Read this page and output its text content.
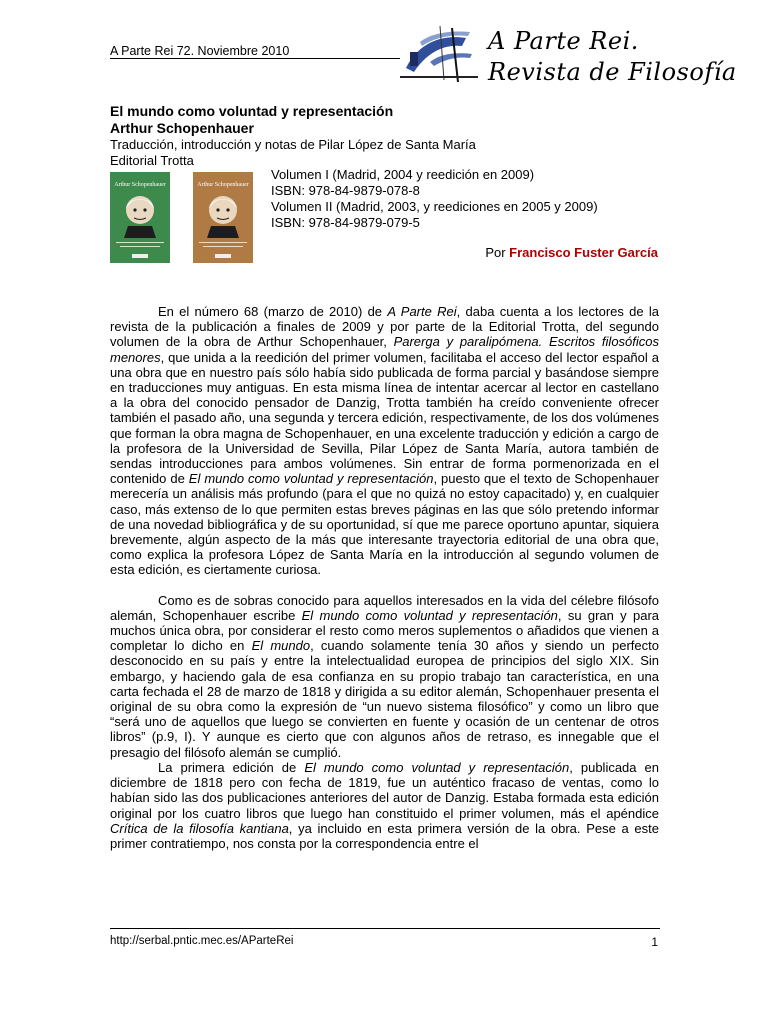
A Parte Rei 72. Noviembre 2010	A Parte Rei.
Revista de Filosofía
El mundo como voluntad y representación
Arthur Schopenhauer
Traducción, introducción y notas de Pilar López de Santa María
Editorial Trotta
Arthur Schopenhauer	Arthur Schopenhauer
Volumen I (Madrid, 2004 y reedición en 2009)
ISBN: 978-84-9879-078-8
Volumen II (Madrid, 2003, y reediciones en 2005 y 2009)
ISBN: 978-84-9879-079-5
Por Francisco Fuster García

En el número 68 (marzo de 2010) de A Parte Rei, daba cuenta a los lectores de la revista de la publicación a finales de 2009 y por parte de la Editorial Trotta, del segundo volumen de la obra de Arthur Schopenhauer, Parerga y paralipómena. Escritos filosóficos menores, que unida a la reedición del primer volumen, facilitaba el acceso del lector español a una obra que en nuestro país sólo había sido publicada de forma parcial y basándose siempre en traducciones muy antiguas. En esta misma línea de intentar acercar al lector en castellano a la obra del conocido pensador de Danzig, Trotta también ha creído conveniente ofrecer también el pasado año, una segunda y tercera edición, respectivamente, de los dos volúmenes que forman la obra magna de Schopenhauer, en una excelente traducción y edición a cargo de la profesora de la Universidad de Sevilla, Pilar López de Santa María, autora también de sendas introducciones para ambos volúmenes. Sin entrar de forma pormenorizada en el contenido de El mundo como voluntad y representación, puesto que el texto de Schopenhauer merecería un análisis más profundo (para el que no quizá no estoy capacitado) y, en cualquier caso, más extenso de lo que permiten estas breves páginas en las que sólo pretendo informar de una novedad bibliográfica y de su oportunidad, sí que me parece oportuno apuntar, siquiera brevemente, algún aspecto de la más que interesante trayectoria editorial de una obra que, como explica la profesora López de Santa María en la introducción al segundo volumen de esta edición, es ciertamente curiosa.

Como es de sobras conocido para aquellos interesados en la vida del célebre filósofo alemán, Schopenhauer escribe El mundo como voluntad y representación, su gran y para muchos única obra, por considerar el resto como meros suplementos o añadidos que vienen a completar lo dicho en El mundo, cuando solamente tenía 30 años y siendo un perfecto desconocido en su país y entre la intelectualidad europea de principios del siglo XIX. Sin embargo, y haciendo gala de esa confianza en su propio trabajo tan característica, en una carta fechada el 28 de marzo de 1818 y dirigida a su editor alemán, Schopenhauer presenta el original de su obra como la expresión de “un nuevo sistema filosófico” y como un libro que “será uno de aquellos que luego se convierten en fuente y ocasión de un centenar de otros libros” (p.9, I). Y aunque es cierto que con algunos años de retraso, es innegable que el presagio del filósofo alemán se cumplió.

La primera edición de El mundo como voluntad y representación, publicada en diciembre de 1818 pero con fecha de 1819, fue un auténtico fracaso de ventas, como lo habían sido las dos publicaciones anteriores del autor de Danzig. Estaba formada esta edición original por los cuatro libros que luego han constituido el primer volumen, más el apéndice Crítica de la filosofía kantiana, ya incluido en esta primera versión de la obra. Pese a este primer contratiempo, nos consta por la correspondencia entre el

http://serbal.pntic.mec.es/AParteRei	1
